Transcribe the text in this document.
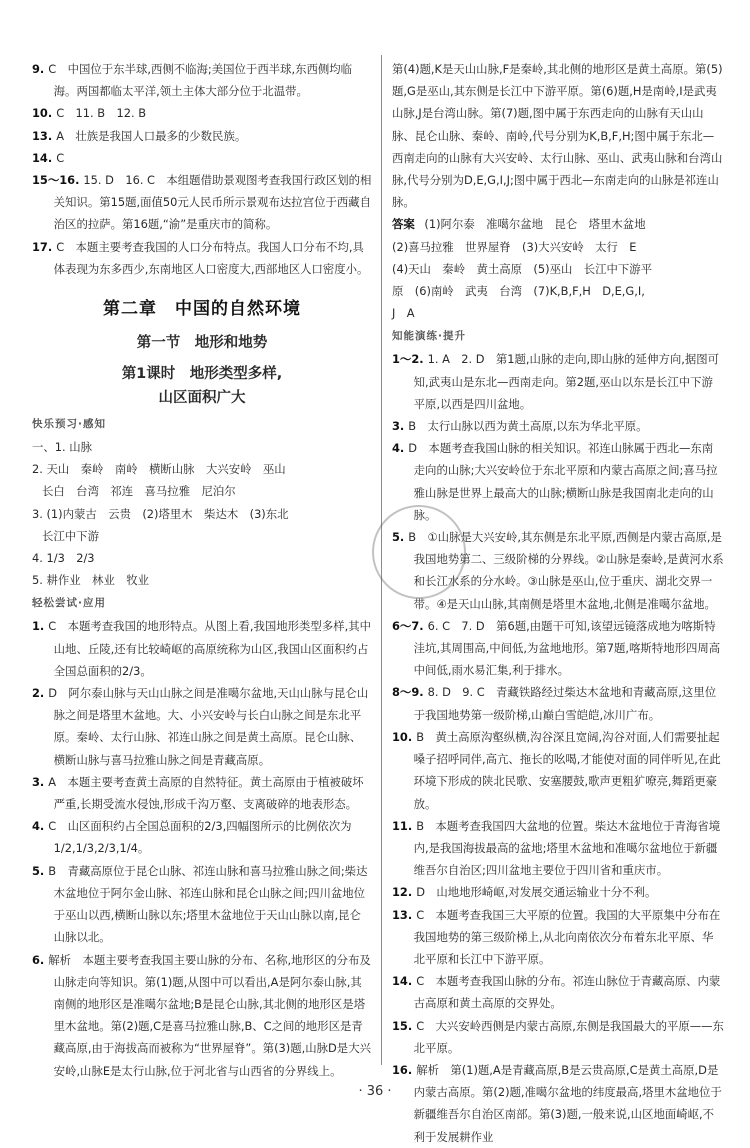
9. C　中国位于东半球,西侧不临海;美国位于西半球,东西侧均临海。两国都临太平洋,领土主体大部分位于北温带。

10. C　11. B　12. B

13. A　壮族是我国人口最多的少数民族。

14. C

15～16. 15. D　16. C　本组题借助景观图考查我国行政区划的相关知识。第15题,面值50元人民币所示景观布达拉宫位于西藏自治区的拉萨。第16题,“渝”是重庆市的简称。

17. C　本题主要考查我国的人口分布特点。我国人口分布不均,具体表现为东多西少,东南地区人口密度大,西部地区人口密度小。

第二章　中国的自然环境
第一节　地形和地势
第1课时　地形类型多样,
山区面积广大
快乐预习·感知
一、1. 山脉
2. 天山　秦岭　南岭　横断山脉　大兴安岭　巫山
长白　台湾　祁连　喜马拉雅　尼泊尔
3. (1)内蒙古　云贵　(2)塔里木　柴达木　(3)东北
长江中下游
4. 1/3　2/3
5. 耕作业　林业　牧业
轻松尝试·应用

1. C　本题考查我国的地形特点。从图上看,我国地形类型多样,其中山地、丘陵,还有比较崎岖的高原统称为山区,我国山区面积约占全国总面积的2/3。

2. D　阿尔泰山脉与天山山脉之间是准噶尔盆地,天山山脉与昆仑山脉之间是塔里木盆地。大、小兴安岭与长白山脉之间是东北平原。秦岭、太行山脉、祁连山脉之间是黄土高原。昆仑山脉、横断山脉与喜马拉雅山脉之间是青藏高原。

3. A　本题主要考查黄土高原的自然特征。黄土高原由于植被破坏严重,长期受流水侵蚀,形成千沟万壑、支离破碎的地表形态。

4. C　山区面积约占全国总面积的2/3,四幅图所示的比例依次为1/2,1/3,2/3,1/4。

5. B　青藏高原位于昆仑山脉、祁连山脉和喜马拉雅山脉之间;柴达木盆地位于阿尔金山脉、祁连山脉和昆仑山脉之间;四川盆地位于巫山以西,横断山脉以东;塔里木盆地位于天山山脉以南,昆仑山脉以北。

6. 解析　本题主要考查我国主要山脉的分布、名称,地形区的分布及山脉走向等知识。第(1)题,从图中可以看出,A是阿尔泰山脉,其南侧的地形区是准噶尔盆地;B是昆仑山脉,其北侧的地形区是塔里木盆地。第(2)题,C是喜马拉雅山脉,B、C之间的地形区是青藏高原,由于海拔高而被称为“世界屋脊”。第(3)题,山脉D是大兴安岭,山脉E是太行山脉,位于河北省与山西省的分界线上。

第(4)题,K是天山山脉,F是秦岭,其北侧的地形区是黄土高原。第(5)题,G是巫山,其东侧是长江中下游平原。第(6)题,H是南岭,I是武夷山脉,J是台湾山脉。第(7)题,图中属于东西走向的山脉有天山山脉、昆仑山脉、秦岭、南岭,代号分别为K,B,F,H;图中属于东北—西南走向的山脉有大兴安岭、太行山脉、巫山、武夷山脉和台湾山脉,代号分别为D,E,G,I,J;图中属于西北—东南走向的山脉是祁连山脉。
答案 (1)阿尔泰　准噶尔盆地　昆仑　塔里木盆地
(2)喜马拉雅　世界屋脊　(3)大兴安岭　太行　E
(4)天山　秦岭　黄土高原　(5)巫山　长江中下游平
原　(6)南岭　武夷　台湾　(7)K,B,F,H　D,E,G,I,
J　A
知能演练·提升

1～2. 1. A　2. D　第1题,山脉的走向,即山脉的延伸方向,据图可知,武夷山是东北—西南走向。第2题,巫山以东是长江中下游平原,以西是四川盆地。

3. B　太行山脉以西为黄土高原,以东为华北平原。

4. D　本题考查我国山脉的相关知识。祁连山脉属于西北—东南走向的山脉;大兴安岭位于东北平原和内蒙古高原之间;喜马拉雅山脉是世界上最高大的山脉;横断山脉是我国南北走向的山脉。

5. B　①山脉是大兴安岭,其东侧是东北平原,西侧是内蒙古高原,是我国地势第二、三级阶梯的分界线。②山脉是秦岭,是黄河水系和长江水系的分水岭。③山脉是巫山,位于重庆、湖北交界一带。④是天山山脉,其南侧是塔里木盆地,北侧是准噶尔盆地。

6～7. 6. C　7. D　第6题,由题干可知,该望远镜落成地为喀斯特洼坑,其周围高,中间低,为盆地地形。第7题,喀斯特地形四周高中间低,雨水易汇集,利于排水。

8～9. 8. D　9. C　青藏铁路经过柴达木盆地和青藏高原,这里位于我国地势第一级阶梯,山巅白雪皑皑,冰川广布。

10. B　黄土高原沟壑纵横,沟谷深且宽阔,沟谷对面,人们需要扯起嗓子招呼同伴,高亢、拖长的吆喝,才能使对面的同伴听见,在此环境下形成的陕北民歌、安塞腰鼓,歌声更粗犷嘹亮,舞蹈更豪放。

11. B　本题考查我国四大盆地的位置。柴达木盆地位于青海省境内,是我国海拔最高的盆地;塔里木盆地和准噶尔盆地位于新疆维吾尔自治区;四川盆地主要位于四川省和重庆市。

12. D　山地地形崎岖,对发展交通运输业十分不利。

13. C　本题考查我国三大平原的位置。我国的大平原集中分布在我国地势的第三级阶梯上,从北向南依次分布着东北平原、华北平原和长江中下游平原。

14. C　本题考查我国山脉的分布。祁连山脉位于青藏高原、内蒙古高原和黄土高原的交界处。

15. C　大兴安岭西侧是内蒙古高原,东侧是我国最大的平原——东北平原。

16. 解析　第(1)题,A是青藏高原,B是云贵高原,C是黄土高原,D是内蒙古高原。第(2)题,准噶尔盆地的纬度最高,塔里木盆地位于新疆维吾尔自治区南部。第(3)题,一般来说,山区地面崎岖,不利于发展耕作业

· 36 ·
